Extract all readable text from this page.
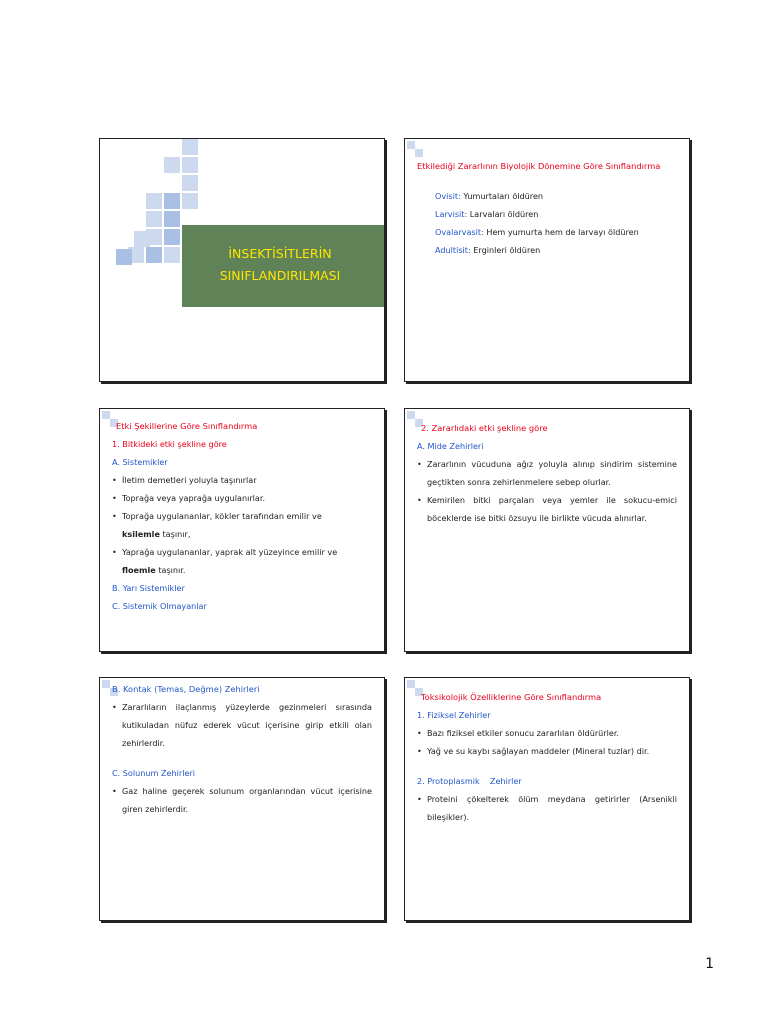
İNSEKTİSİTLERİN
SINIFLANDIRILMASI
Etkilediği Zararlının Biyolojik Dönemine Göre Sınıflandırma
Ovisit: Yumurtaları öldüren
Larvisit: Larvaları öldüren
Ovalarvasit: Hem yumurta hem de larvayı öldüren
Adultisit: Erginleri öldüren
Etki Şekillerine Göre Sınıflandırma
1. Bitkideki etki şekline göre
A. Sistemikler
• İletim demetleri yoluyla taşınırlar
• Toprağa veya yaprağa uygulanırlar.
• Toprağa uygulananlar, kökler tarafından emilir ve
ksilemle taşınır,
• Yaprağa uygulananlar, yaprak alt yüzeyince emilir ve
floemle taşınır.
B. Yarı Sistemikler
C. Sistemik Olmayanlar
2. Zararlıdaki etki şekline göre
A. Mide Zehirleri
• Zararlının vücuduna ağız yoluyla alınıp sindirim sistemine geçtikten sonra zehirlenmelere sebep olurlar.
• Kemirilen bitki parçaları veya yemler ile sokucu-emici böceklerde ise bitki özsuyu ile birlikte vücuda alınırlar.
B. Kontak (Temas, Değme) Zehirleri
• Zararlıların ilaçlanmış yüzeylerde gezinmeleri sırasında kutikuladan nüfuz ederek vücut içerisine girip etkili olan zehirlerdir.
C. Solunum Zehirleri
• Gaz haline geçerek solunum organlarından vücut içerisine giren zehirlerdir.
Toksikolojik Özelliklerine Göre Sınıflandırma
1. Fiziksel Zehirler
• Bazı fiziksel etkiler sonucu zararlıları öldürürler.
• Yağ ve su kaybı sağlayan maddeler (Mineral tuzlar) dir.
2. Protoplasmik    Zehirler
• Proteini çökelterek ölüm meydana getirirler (Arsenikli bileşikler).
1
